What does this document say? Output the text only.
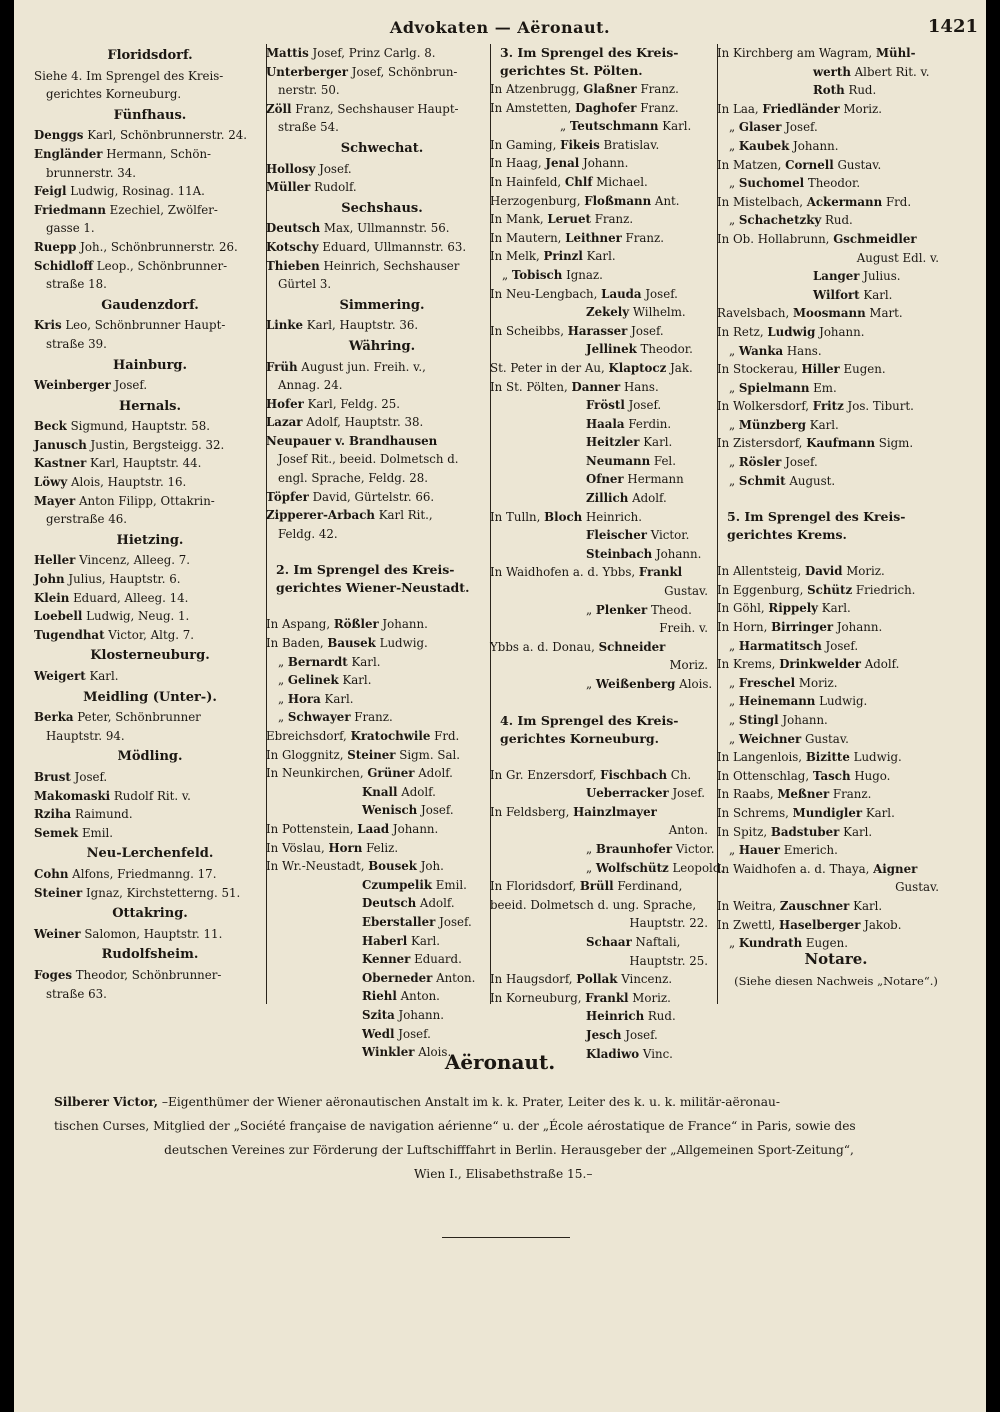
Advokaten — Aëronaut.	1421
Floridsdorf.
Siehe 4. Im Sprengel des Kreis-
gerichtes Korneuburg.
Fünfhaus.
Denggs Karl, Schönbrunnerstr. 24.
Engländer Hermann, Schön-
brunnerstr. 34.
Feigl Ludwig, Rosinag. 11A.
Friedmann Ezechiel, Zwölfer-
gasse 1.
Ruepp Joh., Schönbrunnerstr. 26.
Schidloff Leop., Schönbrunner-
straße 18.
Gaudenzdorf.
Kris Leo, Schönbrunner Haupt-
straße 39.
Hainburg.
Weinberger Josef.
Hernals.
Beck Sigmund, Hauptstr. 58.
Janusch Justin, Bergsteigg. 32.
Kastner Karl, Hauptstr. 44.
Löwy Alois, Hauptstr. 16.
Mayer Anton Filipp, Ottakrin-
gerstraße 46.
Hietzing.
Heller Vincenz, Alleeg. 7.
John Julius, Hauptstr. 6.
Klein Eduard, Alleeg. 14.
Loebell Ludwig, Neug. 1.
Tugendhat Victor, Altg. 7.
Klosterneuburg.
Weigert Karl.
Meidling (Unter-).
Berka Peter, Schönbrunner
Hauptstr. 94.
Mödling.
Brust Josef.
Makomaski Rudolf Rit. v.
Rziha Raimund.
Semek Emil.
Neu-Lerchenfeld.
Cohn Alfons, Friedmanng. 17.
Steiner Ignaz, Kirchstetterng. 51.
Ottakring.
Weiner Salomon, Hauptstr. 11.
Rudolfsheim.
Foges Theodor, Schönbrunner-
straße 63.
Mattis Josef, Prinz Carlg. 8.
Unterberger Josef, Schönbrun-
nerstr. 50.
Zöll Franz, Sechshauser Haupt-
straße 54.
Schwechat.
Hollosy Josef.
Müller Rudolf.
Sechshaus.
Deutsch Max, Ullmannstr. 56.
Kotschy Eduard, Ullmannstr. 63.
Thieben Heinrich, Sechshauser
Gürtel 3.
Simmering.
Linke Karl, Hauptstr. 36.
Währing.
Früh August jun. Freih. v.,
Annag. 24.
Hofer Karl, Feldg. 25.
Lazar Adolf, Hauptstr. 38.
Neupauer v. Brandhausen
Josef Rit., beeid. Dolmetsch d.
engl. Sprache, Feldg. 28.
Töpfer David, Gürtelstr. 66.
Zipperer-Arbach Karl Rit.,
Feldg. 42.
2. Im Sprengel des Kreis-
gerichtes Wiener-Neustadt.
In Aspang, Rößler Johann.
In Baden, Bausek Ludwig.
„ Bernardt Karl.
„ Gelinek Karl.
„ Hora Karl.
„ Schwayer Franz.
Ebreichsdorf, Kratochwile Frd.
In Gloggnitz, Steiner Sigm. Sal.
In Neunkirchen, Grüner Adolf.
Knall Adolf.
Wenisch Josef.
In Pottenstein, Laad Johann.
In Vöslau, Horn Feliz.
In Wr.-Neustadt, Bousek Joh.
Czumpelik Emil.
Deutsch Adolf.
Eberstaller Josef.
Haberl Karl.
Kenner Eduard.
Oberneder Anton.
Riehl Anton.
Szita Johann.
Wedl Josef.
Winkler Alois.
3. Im Sprengel des Kreis-
gerichtes St. Pölten.
In Atzenbrugg, Glaßner Franz.
In Amstetten, Daghofer Franz.
„ Teutschmann Karl.
In Gaming, Fikeis Bratislav.
In Haag, Jenal Johann.
In Hainfeld, Chlf Michael.
Herzogenburg, Floßmann Ant.
In Mank, Leruet Franz.
In Mautern, Leithner Franz.
In Melk, Prinzl Karl.
„ Tobisch Ignaz.
In Neu-Lengbach, Lauda Josef.
Zekely Wilhelm.
In Scheibbs, Harasser Josef.
Jellinek Theodor.
St. Peter in der Au, Klaptocz Jak.
In St. Pölten, Danner Hans.
Fröstl Josef.
Haala Ferdin.
Heitzler Karl.
Neumann Fel.
Ofner Hermann
Zillich Adolf.
In Tulln, Bloch Heinrich.
Fleischer Victor.
Steinbach Johann.
In Waidhofen a. d. Ybbs, Frankl
Gustav.
„ Plenker Theod.
Freih. v.
Ybbs a. d. Donau, Schneider
Moriz.
„ Weißenberg Alois.
4. Im Sprengel des Kreis-
gerichtes Korneuburg.
In Gr. Enzersdorf, Fischbach Ch.
Ueberracker Josef.
In Feldsberg, Hainzlmayer
Anton.
„ Braunhofer Victor.
„ Wolfschütz Leopold.
In Floridsdorf, Brüll Ferdinand,
beeid. Dolmetsch d. ung. Sprache,
Hauptstr. 22.
Schaar Naftali,
Hauptstr. 25.
In Haugsdorf, Pollak Vincenz.
In Korneuburg, Frankl Moriz.
Heinrich Rud.
Jesch Josef.
Kladiwo Vinc.
In Kirchberg am Wagram, Mühl-
werth Albert Rit. v.
Roth Rud.
In Laa, Friedländer Moriz.
„ Glaser Josef.
„ Kaubek Johann.
In Matzen, Cornell Gustav.
„ Suchomel Theodor.
In Mistelbach, Ackermann Frd.
„ Schachetzky Rud.
In Ob. Hollabrunn, Gschmeidler
August Edl. v.
Langer Julius.
Wilfort Karl.
Ravelsbach, Moosmann Mart.
In Retz, Ludwig Johann.
„ Wanka Hans.
In Stockerau, Hiller Eugen.
„ Spielmann Em.
In Wolkersdorf, Fritz Jos. Tiburt.
„ Münzberg Karl.
In Zistersdorf, Kaufmann Sigm.
„ Rösler Josef.
„ Schmit August.
5. Im Sprengel des Kreis-
gerichtes Krems.
In Allentsteig, David Moriz.
In Eggenburg, Schütz Friedrich.
In Göhl, Rippely Karl.
In Horn, Birringer Johann.
„ Harmatitsch Josef.
In Krems, Drinkwelder Adolf.
„ Freschel Moriz.
„ Heinemann Ludwig.
„ Stingl Johann.
„ Weichner Gustav.
In Langenlois, Bizitte Ludwig.
In Ottenschlag, Tasch Hugo.
In Raabs, Meßner Franz.
In Schrems, Mundigler Karl.
In Spitz, Badstuber Karl.
„ Hauer Emerich.
In Waidhofen a. d. Thaya, Aigner
Gustav.
In Weitra, Zauschner Karl.
In Zwettl, Haselberger Jakob.
„ Kundrath Eugen.
Notare.
(Siehe diesen Nachweis „Notare“.)
Aëronaut.
Silberer Victor, –Eigenthümer der Wiener aëronautischen Anstalt im k. k. Prater, Leiter des k. u. k. militär-aëronau-
tischen Curses, Mitglied der „Société française de navigation aérienne“ u. der „École aérostatique de France“ in Paris, sowie des
deutschen Vereines zur Förderung der Luftschifffahrt in Berlin. Herausgeber der „Allgemeinen Sport-Zeitung“,
Wien I., Elisabethstraße 15.–
